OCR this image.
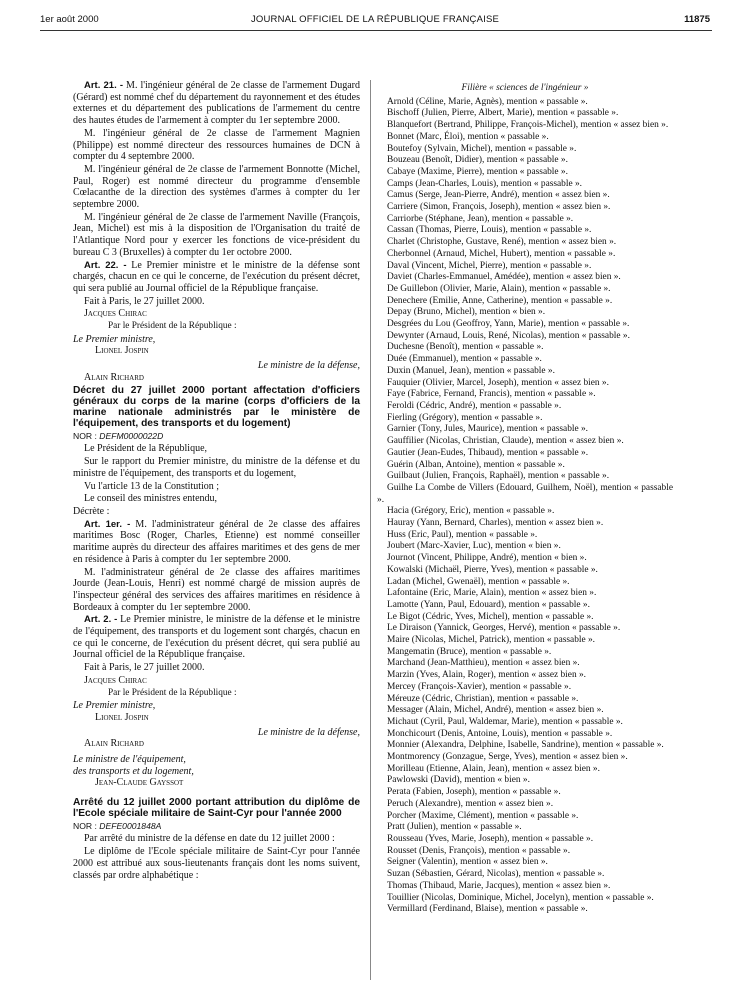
1er août 2000	JOURNAL OFFICIEL DE LA RÉPUBLIQUE FRANÇAISE	11875

Art. 21. - M. l'ingénieur général de 2e classe de l'armement Dugard (Gérard) est nommé chef du département du rayonnement et des études externes et du département des publications de l'armement du centre des hautes études de l'armement à compter du 1er septembre 2000.

M. l'ingénieur général de 2e classe de l'armement Magnien (Philippe) est nommé directeur des ressources humaines de DCN à compter du 4 septembre 2000.

M. l'ingénieur général de 2e classe de l'armement Bonnotte (Michel, Paul, Roger) est nommé directeur du programme d'ensemble Cœlacanthe de la direction des systèmes d'armes à compter du 1er septembre 2000.

M. l'ingénieur général de 2e classe de l'armement Naville (François, Jean, Michel) est mis à la disposition de l'Organisation du traité de l'Atlantique Nord pour y exercer les fonctions de vice-président du bureau C 3 (Bruxelles) à compter du 1er octobre 2000.

Art. 22. - Le Premier ministre et le ministre de la défense sont chargés, chacun en ce qui le concerne, de l'exécution du présent décret, qui sera publié au Journal officiel de la République française.

Fait à Paris, le 27 juillet 2000.

Jacques Chirac

Par le Président de la République :

Le Premier ministre,

Lionel Jospin

Le ministre de la défense,

Alain Richard

Décret du 27 juillet 2000 portant affectation d'officiers généraux du corps de la marine (corps d'officiers de la marine nationale administrés par le ministère de l'équipement, des transports et du logement)

NOR : DEFM0000022D

Le Président de la République,

Sur le rapport du Premier ministre, du ministre de la défense et du ministre de l'équipement, des transports et du logement,

Vu l'article 13 de la Constitution ;

Le conseil des ministres entendu,

Décrète :

Art. 1er. - M. l'administrateur général de 2e classe des affaires maritimes Bosc (Roger, Charles, Etienne) est nommé conseiller maritime auprès du directeur des affaires maritimes et des gens de mer en résidence à Paris à compter du 1er septembre 2000.

M. l'administrateur général de 2e classe des affaires maritimes Jourde (Jean-Louis, Henri) est nommé chargé de mission auprès de l'inspecteur général des services des affaires maritimes en résidence à Bordeaux à compter du 1er septembre 2000.

Art. 2. - Le Premier ministre, le ministre de la défense et le ministre de l'équipement, des transports et du logement sont chargés, chacun en ce qui le concerne, de l'exécution du présent décret, qui sera publié au Journal officiel de la République française.

Fait à Paris, le 27 juillet 2000.

Jacques Chirac

Par le Président de la République :

Le Premier ministre,

Lionel Jospin

Le ministre de la défense,

Alain Richard

Le ministre de l'équipement,

des transports et du logement,

Jean-Claude Gayssot

Arrêté du 12 juillet 2000 portant attribution du diplôme de l'Ecole spéciale militaire de Saint-Cyr pour l'année 2000

NOR : DEFE0001848A

Par arrêté du ministre de la défense en date du 12 juillet 2000 :

Le diplôme de l'Ecole spéciale militaire de Saint-Cyr pour l'année 2000 est attribué aux sous-lieutenants français dont les noms suivent, classés par ordre alphabétique :

Filière « sciences de l'ingénieur »

Arnold (Céline, Marie, Agnès), mention « passable ».

Bischoff (Julien, Pierre, Albert, Marie), mention « passable ».

Blanquefort (Bertrand, Philippe, François-Michel), mention « assez bien ».

Bonnet (Marc, Éloi), mention « passable ».

Boutefoy (Sylvain, Michel), mention « passable ».

Bouzeau (Benoît, Didier), mention « passable ».

Cabaye (Maxime, Pierre), mention « passable ».

Camps (Jean-Charles, Louis), mention « passable ».

Camus (Serge, Jean-Pierre, André), mention « assez bien ».

Carriere (Simon, François, Joseph), mention « assez bien ».

Carriorbe (Stéphane, Jean), mention « passable ».

Cassan (Thomas, Pierre, Louis), mention « passable ».

Charlet (Christophe, Gustave, René), mention « assez bien ».

Cherbonnel (Arnaud, Michel, Hubert), mention « passable ».

Daval (Vincent, Michel, Pierre), mention « passable ».

Daviet (Charles-Emmanuel, Amédée), mention « assez bien ».

De Guillebon (Olivier, Marie, Alain), mention « passable ».

Denechere (Emilie, Anne, Catherine), mention « passable ».

Depay (Bruno, Michel), mention « bien ».

Desgrées du Lou (Geoffroy, Yann, Marie), mention « passable ».

Dewynter (Arnaud, Louis, René, Nicolas), mention « passable ».

Duchesne (Benoît), mention « passable ».

Duée (Emmanuel), mention « passable ».

Duxin (Manuel, Jean), mention « passable ».

Fauquier (Olivier, Marcel, Joseph), mention « assez bien ».

Faye (Fabrice, Fernand, Francis), mention « passable ».

Feroldi (Cédric, André), mention « passable ».

Fierling (Grégory), mention « passable ».

Garnier (Tony, Jules, Maurice), mention « passable ».

Gauffilier (Nicolas, Christian, Claude), mention « assez bien ».

Gautier (Jean-Eudes, Thibaud), mention « passable ».

Guérin (Alban, Antoine), mention « passable ».

Guilbaut (Julien, François, Raphaël), mention « passable ».

Guilhe La Combe de Villers (Edouard, Guilhem, Noël), mention « passable ».

Hacia (Grégory, Eric), mention « passable ».

Hauray (Yann, Bernard, Charles), mention « assez bien ».

Huss (Eric, Paul), mention « passable ».

Joubert (Marc-Xavier, Luc), mention « bien ».

Journot (Vincent, Philippe, André), mention « bien ».

Kowalski (Michaël, Pierre, Yves), mention « passable ».

Ladan (Michel, Gwenaël), mention « passable ».

Lafontaine (Eric, Marie, Alain), mention « assez bien ».

Lamotte (Yann, Paul, Edouard), mention « passable ».

Le Bigot (Cédric, Yves, Michel), mention « passable ».

Le Diraison (Yannick, Georges, Hervé), mention « passable ».

Maire (Nicolas, Michel, Patrick), mention « passable ».

Mangematin (Bruce), mention « passable ».

Marchand (Jean-Matthieu), mention « assez bien ».

Marzin (Yves, Alain, Roger), mention « assez bien ».

Mercey (François-Xavier), mention « passable ».

Méreuze (Cédric, Christian), mention « passable ».

Messager (Alain, Michel, André), mention « assez bien ».

Michaut (Cyril, Paul, Waldemar, Marie), mention « passable ».

Monchicourt (Denis, Antoine, Louis), mention « passable ».

Monnier (Alexandra, Delphine, Isabelle, Sandrine), mention « passable ».

Montmorency (Gonzague, Serge, Yves), mention « assez bien ».

Morilleau (Etienne, Alain, Jean), mention « assez bien ».

Pawlowski (David), mention « bien ».

Perata (Fabien, Joseph), mention « passable ».

Peruch (Alexandre), mention « assez bien ».

Porcher (Maxime, Clément), mention « passable ».

Pratt (Julien), mention « passable ».

Rousseau (Yves, Marie, Joseph), mention « passable ».

Rousset (Denis, François), mention « passable ».

Seigner (Valentin), mention « assez bien ».

Suzan (Sébastien, Gérard, Nicolas), mention « passable ».

Thomas (Thibaud, Marie, Jacques), mention « assez bien ».

Touillier (Nicolas, Dominique, Michel, Jocelyn), mention « passable ».

Vermillard (Ferdinand, Blaise), mention « passable ».
